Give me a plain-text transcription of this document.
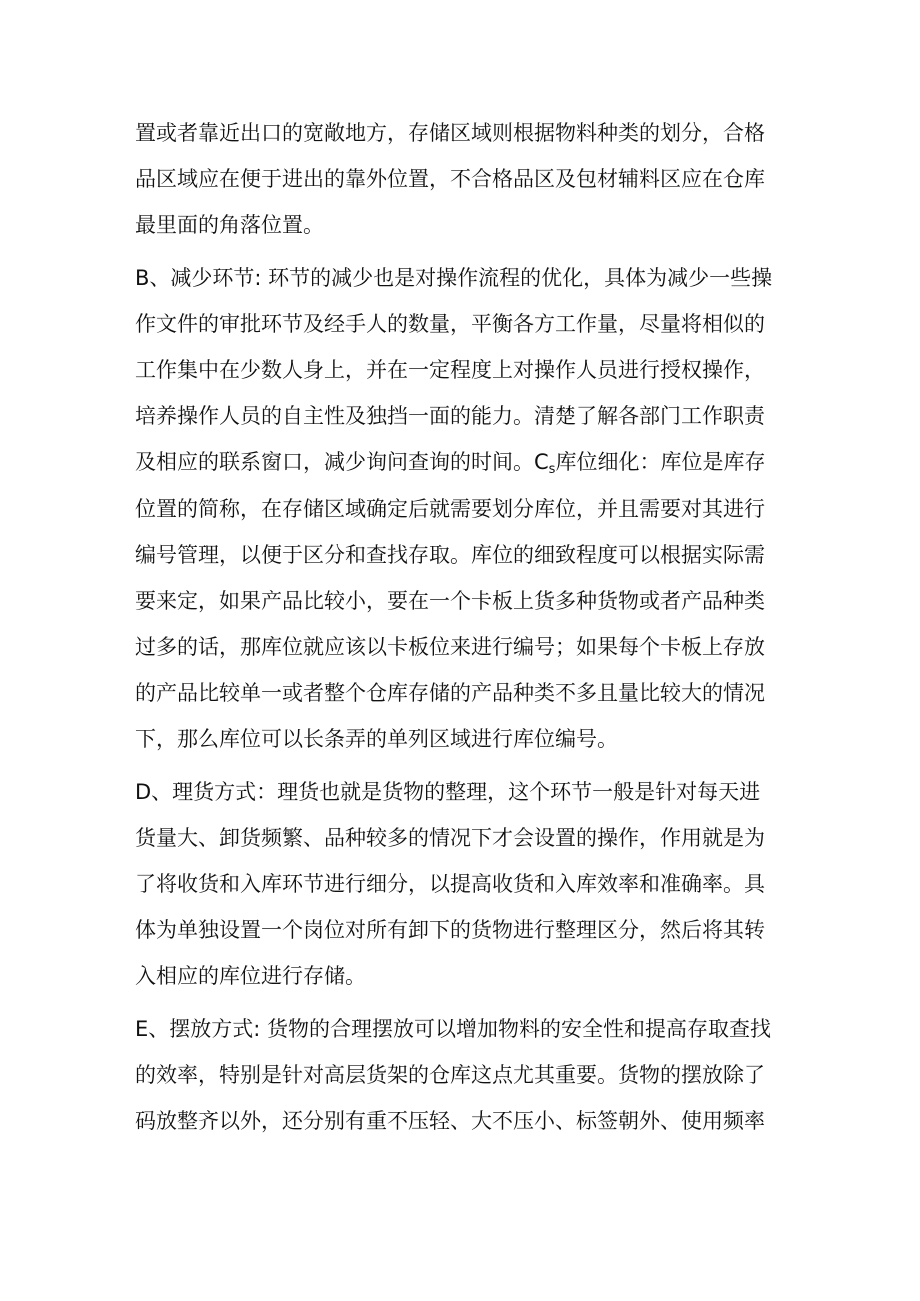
置或者靠近出口的宽敞地方，存储区域则根据物料种类的划分，合格
品区域应在便于进出的靠外位置，不合格品区及包材辅料区应在仓库
最里面的角落位置。
B、减少环节: 环节的减少也是对操作流程的优化，具体为减少一些操
作文件的审批环节及经手人的数量，平衡各方工作量，尽量将相似的
工作集中在少数人身上，并在一定程度上对操作人员进行授权操作，
培养操作人员的自主性及独挡一面的能力。清楚了解各部门工作职责
及相应的联系窗口，减少询问查询的时间。$C_s$库位细化：库位是库存
位置的简称，在存储区域确定后就需要划分库位，并且需要对其进行
编号管理，以便于区分和查找存取。库位的细致程度可以根据实际需
要来定，如果产品比较小，要在一个卡板上货多种货物或者产品种类
过多的话，那库位就应该以卡板位来进行编号；如果每个卡板上存放
的产品比较单一或者整个仓库存储的产品种类不多且量比较大的情况
下，那么库位可以长条弄的单列区域进行库位编号。
D、理货方式：理货也就是货物的整理，这个环节一般是针对每天进
货量大、卸货频繁、品种较多的情况下才会设置的操作，作用就是为
了将收货和入库环节进行细分，以提高收货和入库效率和准确率。具
体为单独设置一个岗位对所有卸下的货物进行整理区分，然后将其转
入相应的库位进行存储。
E、摆放方式: 货物的合理摆放可以增加物料的安全性和提高存取查找
的效率，特别是针对高层货架的仓库这点尤其重要。货物的摆放除了
码放整齐以外，还分别有重不压轻、大不压小、标签朝外、使用频率
